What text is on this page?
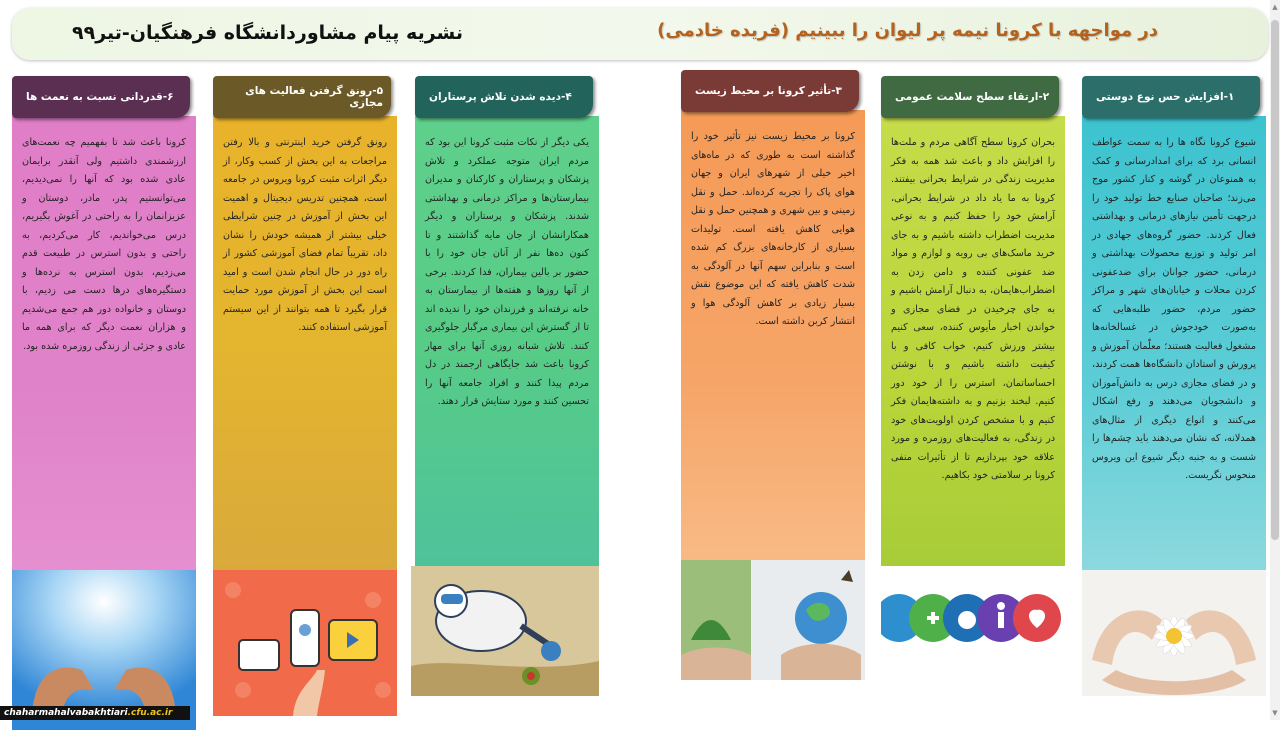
نشریه پیام مشاوردانشگاه فرهنگیان-تیر۹۹	در مواجهه با کرونا نیمه پر لیوان را ببینیم (فریده خادمی)
۱-افزایش حس نوع دوستی
شیوع کرونا نگاه ها را به سمت عواطف انسانی برد که برای امدادرسانی و کمک به همنوعان در گوشه و کنار کشور موج می‌زند؛ صاحبان صنایع خط تولید خود را درجهت تأمین نیازهای درمانی و بهداشتی فعال کردند. حضور گروه‌های جهادی در امر تولید و توزیع محصولات بهداشتی و درمانی، حضور جوانان برای ضدعفونی کردن محلات و خیابان‌های شهر و مراکز حضور مردم، حضور طلبه‌هایی که به‌صورت خودجوش در غسالخانه‌ها مشغول فعالیت هستند؛ معلّمان آموزش و پرورش و استادان دانشگاه‌ها همت کردند، و در فضای مجازی درس به دانش‌آموزان و دانشجویان می‌دهند و رفع اشکال می‌کنند و انواع دیگری از مثال‌های همدلانه، که نشان می‌دهند باید چشم‌ها را شست و به جنبه دیگر شیوع این ویروس منحوس نگریست.
۲-ارتقاء سطح سلامت عمومی
بحران کرونا سطح آگاهی مردم و ملت‌ها را افزایش داد و باعث شد همه به فکر مدیریت زندگی در شرایط بحرانی بیفتند. کرونا به ما یاد داد در شرایط بحرانی، آرامش خود را حفظ کنیم و به نوعی مدیریت اضطراب داشته باشیم و به جای خرید ماسک‌های بی رویه و لوازم و مواد ضد عفونی کننده و دامن زدن به اضطراب‌هایمان، به دنبال آرامش باشیم و به جای چرخیدن در فضای مجازی و خواندن اخبار مأیوس کننده، سعی کنیم بیشتر ورزش کنیم، خواب کافی و با کیفیت داشته باشیم و با نوشتن احساساتمان، استرس را از خود دور کنیم. لبخند بزنیم و به داشته‌هایمان فکر کنیم و با مشخص کردن اولویت‌های خود در زندگی، به فعالیت‌های روزمره و مورد علاقه خود بپردازیم تا از تأثیرات منفی کرونا بر سلامتی خود بکاهیم.
۳-تأثیر کرونا بر محیط زیست
کرونا بر محیط زیست نیز تأثیر خود را گذاشته است به طوری که در ماه‌های اخیر خیلی از شهرهای ایران و جهان هوای پاک را تجربه کرده‌اند. حمل و نقل زمینی و بین شهری و همچنین حمل و نقل هوایی کاهش یافته است. تولیدات بسیاری از کارخانه‌های بزرگ کم شده است و بنابراین سهم آنها در آلودگی به شدت کاهش یافته که این موضوع نقش بسیار زیادی بر کاهش آلودگی هوا و انتشار کربن داشته است.
۴-دیده شدن تلاش پرستاران
یکی دیگر از نکات مثبت کرونا این بود که مردم ایران متوجه عملکرد و تلاش پزشکان و پرستاران و کارکنان و مدیران بیمارستان‌ها و مراکز درمانی و بهداشتی شدند. پزشکان و پرستاران و دیگر همکارانشان از جان مایه گذاشتند و تا کنون ده‌ها نفر از آنان جان خود را با حضور بر بالین بیماران، فدا کردند. برخی از آنها روزها و هفته‌ها از بیمارستان به خانه نرفته‌اند و فرزندان خود را ندیده اند تا از گسترش این بیماری مرگبار جلوگیری کنند. تلاش شبانه روزی آنها برای مهار کرونا باعث شد جایگاهی ارجمند در دل مردم پیدا کنند و افراد جامعه آنها را تحسین کنند و مورد ستایش قرار دهند.
۵-رونق گرفتن فعالیت های مجازی
رونق گرفتن خرید اینترنتی و بالا رفتن مراجعات به این بخش از کسب وکار، از دیگر اثرات مثبت کرونا ویروس در جامعه است، همچنین تدریس دیجیتال و اهمیت این بخش از آموزش در چنین شرایطی خیلی بیشتر از همیشه خودش را نشان داد، تقریباً تمام فضای آموزشی کشور از راه دور در حال انجام شدن است و امید است این بخش از آموزش مورد حمایت قرار بگیرد تا همه بتوانند از این سیستم آموزشی استفاده کنند.
۶-قدردانی نسبت به نعمت ها
کرونا باعث شد تا بفهمیم چه نعمت‌های ارزشمندی داشتیم ولی آنقدر برایمان عادی شده بود که آنها را نمی‌دیدیم، می‌توانستیم پدر، مادر، دوستان و عزیزانمان را به راحتی در آغوش بگیریم، درس می‌خواندیم، کار می‌کردیم، به راحتی و بدون استرس در طبیعت قدم می‌زدیم، بدون استرس به نرده‌ها و دستگیره‌های درها دست می زدیم، با دوستان و خانواده دور هم جمع می‌شدیم و هزاران نعمت دیگر که برای همه ما عادی و جزئی از زندگی روزمره شده بود.
chaharmahalvabakhtiari.cfu.ac.ir
▲
▼
